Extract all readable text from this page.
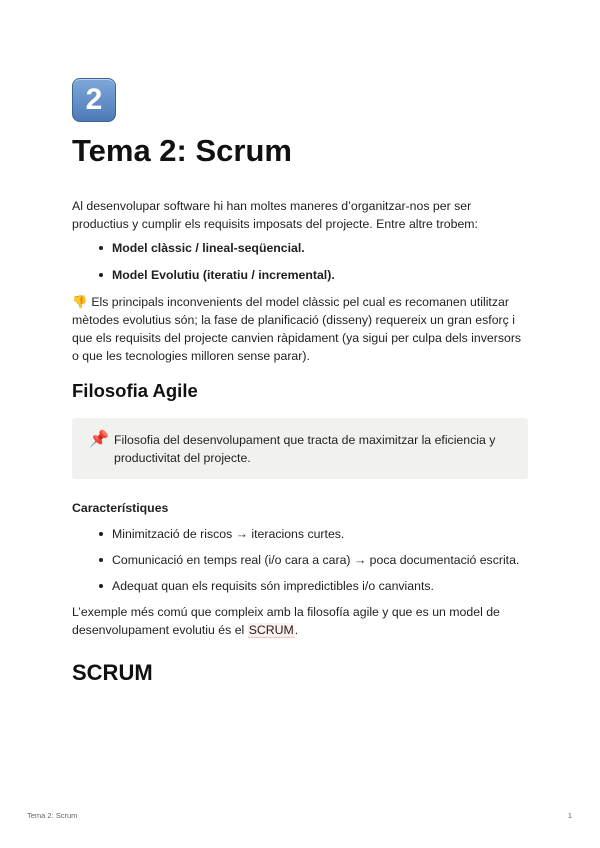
2
Tema 2: Scrum

Al desenvolupar software hi han moltes maneres d’organitzar-nos per ser productius y cumplir els requisits imposats del projecte. Entre altre trobem:

Model clàssic / lineal-seqüencial.
Model Evolutiu (iteratiu / incremental).

👎 Els principals inconvenients del model clàssic pel cual es recomanen utilitzar mètodes evolutius són; la fase de planificació (disseny) requereix un gran esforç i que els requisits del projecte canvien ràpidament (ya sigui per culpa dels inversors o que les tecnologies milloren sense parar).

Filosofia Agile
📌 Filosofia del desenvolupament que tracta de maximitzar la eficiencia y productivitat del projecte.

Característiques
Minimització de riscos → iteracions curtes.
Comunicació en temps real (i/o cara a cara) → poca documentació escrita.
Adequat quan els requisits són impredictibles i/o canviants.

L’exemple més comú que compleix amb la filosofía agile y que es un model de desenvolupament evolutiu és el SCRUM.

SCRUM
Tema 2: Scrum	1
